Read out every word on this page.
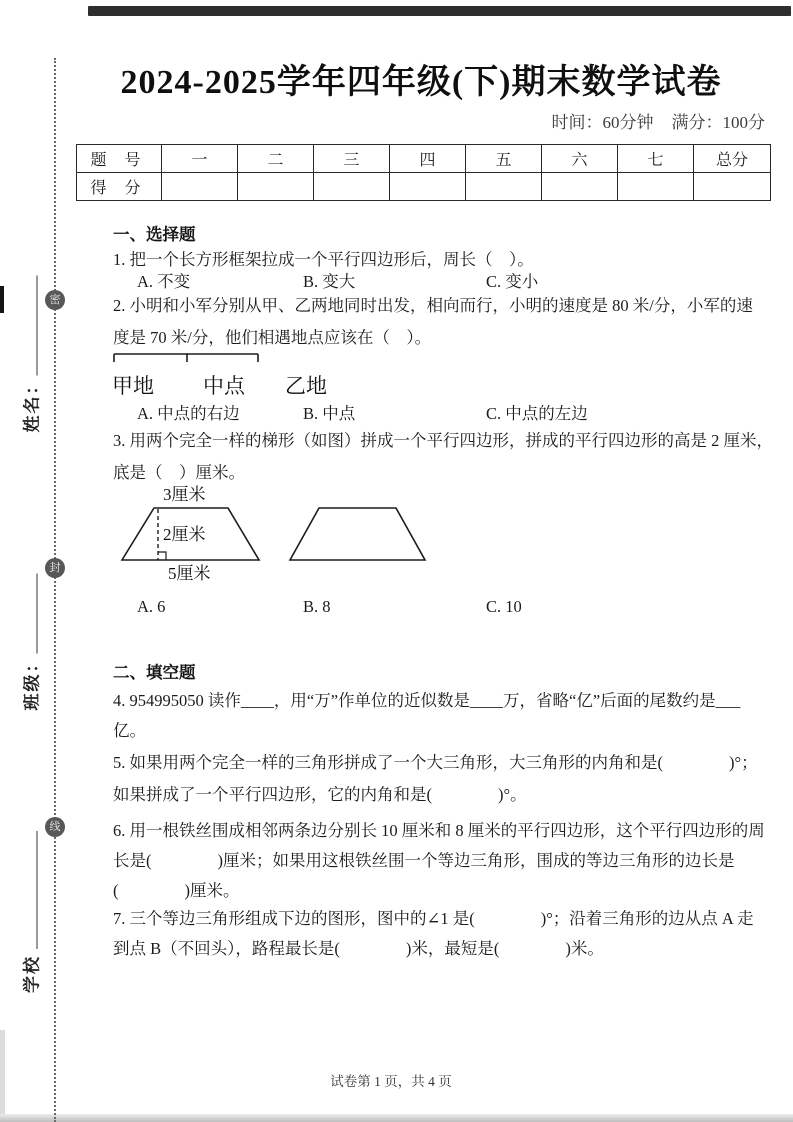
密
封
线
姓名：
班级：
学校
2024-2025学年四年级(下)期末数学试卷
时间：60分钟 满分：100分
题 号	一	二	三	四	五	六	七	总分
得 分								
一、选择题
1. 把一个长方形框架拉成一个平行四边形后，周长（　）。
A. 不变	B. 变大	C. 变小
2. 小明和小军分别从甲、乙两地同时出发，相向而行，小明的速度是 80 米/分，小军的速
度是 70 米/分，他们相遇地点应该在（　）。
甲地 中点 乙地
A. 中点的右边	B. 中点	C. 中点的左边
3. 用两个完全一样的梯形（如图）拼成一个平行四边形，拼成的平行四边形的高是 2 厘米，
底是（　）厘米。
3厘米
2厘米
5厘米
A. 6	B. 8	C. 10
二、填空题
4. 954995050 读作____，用“万”作单位的近似数是____万，省略“亿”后面的尾数约是___
亿。
5. 如果用两个完全一样的三角形拼成了一个大三角形，大三角形的内角和是(　　　　)°；
如果拼成了一个平行四边形，它的内角和是(　　　　)°。
6. 用一根铁丝围成相邻两条边分别长 10 厘米和 8 厘米的平行四边形，这个平行四边形的周
长是(　　　　)厘米；如果用这根铁丝围一个等边三角形，围成的等边三角形的边长是
(　　　　)厘米。
7. 三个等边三角形组成下边的图形，图中的∠1 是(　　　　)°；沿着三角形的边从点 A 走
到点 B（不回头），路程最长是(　　　　)米，最短是(　　　　)米。
试卷第 1 页，共 4 页
